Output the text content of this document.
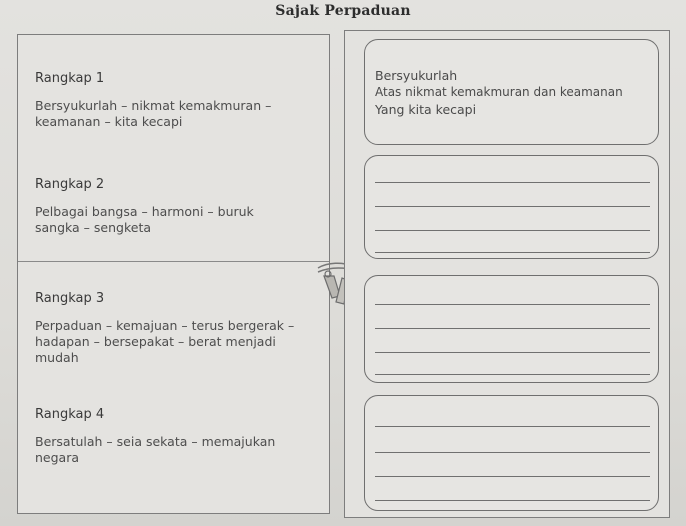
Sajak Perpaduan
Rangkap 1
Bersyukurlah – nikmat kemakmuran –
keamanan – kita kecapi
Rangkap 2
Pelbagai bangsa – harmoni – buruk
sangka – sengketa
Rangkap 3
Perpaduan – kemajuan – terus bergerak –
hadapan – bersepakat – berat menjadi
mudah
Rangkap 4
Bersatulah – seia sekata – memajukan
negara
Bersyukurlah
Atas nikmat kemakmuran dan keamanan
Yang kita kecapi
